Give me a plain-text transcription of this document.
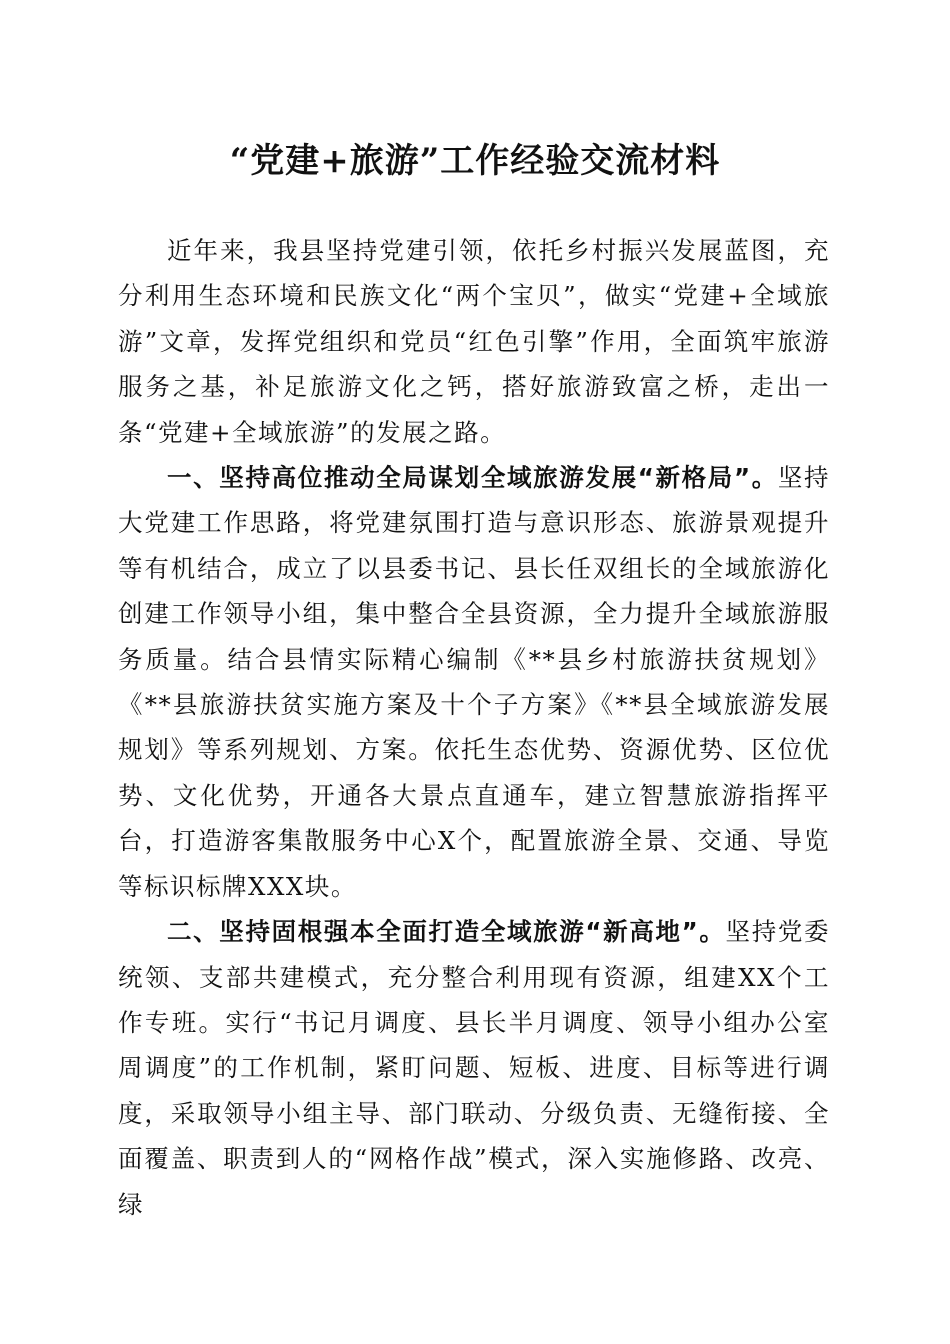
“党建+旅游”工作经验交流材料

近年来，我县坚持党建引领，依托乡村振兴发展蓝图，充分利用生态环境和民族文化“两个宝贝”，做实“党建+全域旅游”文章，发挥党组织和党员“红色引擎”作用，全面筑牢旅游服务之基，补足旅游文化之钙，搭好旅游致富之桥，走出一条“党建+全域旅游”的发展之路。

一、坚持高位推动全局谋划全域旅游发展“新格局”。坚持大党建工作思路，将党建氛围打造与意识形态、旅游景观提升等有机结合，成立了以县委书记、县长任双组长的全域旅游化创建工作领导小组，集中整合全县资源，全力提升全域旅游服务质量。结合县情实际精心编制《**县乡村旅游扶贫规划》《**县旅游扶贫实施方案及十个子方案》《**县全域旅游发展规划》等系列规划、方案。依托生态优势、资源优势、区位优势、文化优势，开通各大景点直通车，建立智慧旅游指挥平台，打造游客集散服务中心X个，配置旅游全景、交通、导览等标识标牌XXX块。

二、坚持固根强本全面打造全域旅游“新高地”。坚持党委统领、支部共建模式，充分整合利用现有资源，组建XX个工作专班。实行“书记月调度、县长半月调度、领导小组办公室周调度”的工作机制，紧盯问题、短板、进度、目标等进行调度，采取领导小组主导、部门联动、分级负责、无缝衔接、全面覆盖、职责到人的“网格作战”模式，深入实施修路、改亮、绿
